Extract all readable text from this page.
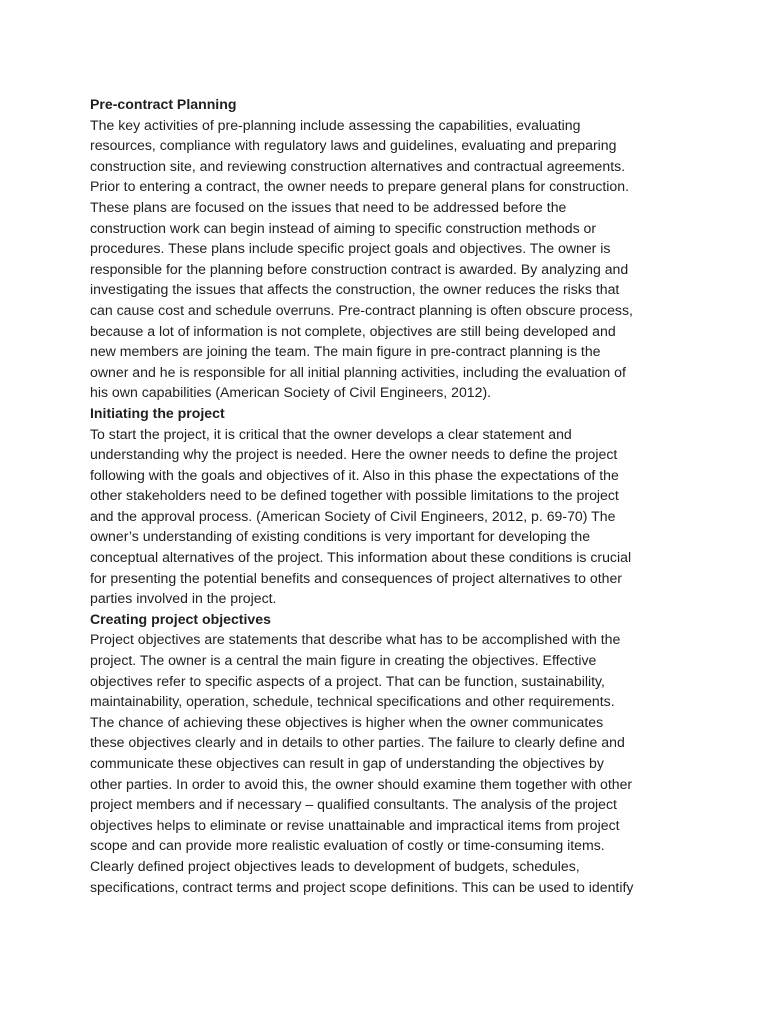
Pre-contract Planning

The key activities of pre-planning include assessing the capabilities, evaluating

resources, compliance with regulatory laws and guidelines, evaluating and preparing

construction site, and reviewing construction alternatives and contractual agreements.

Prior to entering a contract, the owner needs to prepare general plans for construction.

These plans are focused on the issues that need to be addressed before the

construction work can begin instead of aiming to specific construction methods or

procedures. These plans include specific project goals and objectives. The owner is

responsible for the planning before construction contract is awarded. By analyzing and

investigating the issues that affects the construction, the owner reduces the risks that

can cause cost and schedule overruns. Pre-contract planning is often obscure process,

because a lot of information is not complete, objectives are still being developed and

new members are joining the team. The main figure in pre-contract planning is the

owner and he is responsible for all initial planning activities, including the evaluation of

his own capabilities (American Society of Civil Engineers, 2012).

Initiating the project

To start the project, it is critical that the owner develops a clear statement and

understanding why the project is needed. Here the owner needs to define the project

following with the goals and objectives of it. Also in this phase the expectations of the

other stakeholders need to be defined together with possible limitations to the project

and the approval process. (American Society of Civil Engineers, 2012, p. 69-70) The

owner’s understanding of existing conditions is very important for developing the

conceptual alternatives of the project. This information about these conditions is crucial

for presenting the potential benefits and consequences of project alternatives to other

parties involved in the project.

Creating project objectives

Project objectives are statements that describe what has to be accomplished with the

project. The owner is a central the main figure in creating the objectives. Effective

objectives refer to specific aspects of a project. That can be function, sustainability,

maintainability, operation, schedule, technical specifications and other requirements.

The chance of achieving these objectives is higher when the owner communicates

these objectives clearly and in details to other parties. The failure to clearly define and

communicate these objectives can result in gap of understanding the objectives by

other parties. In order to avoid this, the owner should examine them together with other

project members and if necessary – qualified consultants. The analysis of the project

objectives helps to eliminate or revise unattainable and impractical items from project

scope and can provide more realistic evaluation of costly or time-consuming items.

Clearly defined project objectives leads to development of budgets, schedules,

specifications, contract terms and project scope definitions. This can be used to identify
